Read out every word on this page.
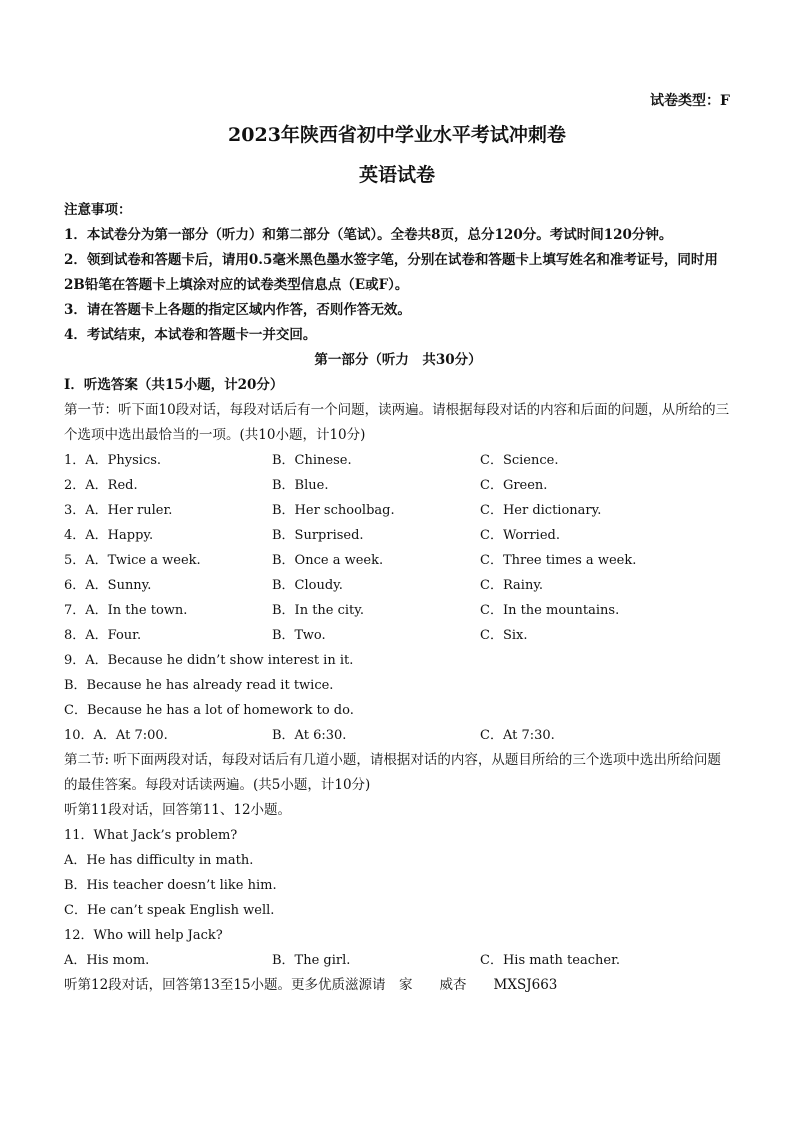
试卷类型：F
2023年陕西省初中学业水平考试冲刺卷
英语试卷
注意事项：
1．本试卷分为第一部分（听力）和第二部分（笔试）。全卷共8页，总分120分。考试时间120分钟。
2．领到试卷和答题卡后，请用0.5毫米黑色墨水签字笔，分别在试卷和答题卡上填写姓名和准考证号，同时用2B铅笔在答题卡上填涂对应的试卷类型信息点（E或F）。
3．请在答题卡上各题的指定区域内作答，否则作答无效。
4．考试结束，本试卷和答题卡一并交回。
第一部分（听力　共30分）
Ⅰ．听选答案（共15小题，计20分）
第一节：听下面10段对话，每段对话后有一个问题，读两遍。请根据每段对话的内容和后面的问题，从所给的三个选项中选出最恰当的一项。(共10小题，计10分)
1．A．Physics.	B．Chinese.	C．Science.
2．A．Red.	B．Blue.	C．Green.
3．A．Her ruler.	B．Her schoolbag.	C．Her dictionary.
4．A．Happy.	B．Surprised.	C．Worried.
5．A．Twice a week.	B．Once a week.	C．Three times a week.
6．A．Sunny.	B．Cloudy.	C．Rainy.
7．A．In the town.	B．In the city.	C．In the mountains.
8．A．Four.	B．Two.	C．Six.
9．A．Because he didn’t show interest in it.
B．Because he has already read it twice.
C．Because he has a lot of homework to do.
10．A．At 7:00.	B．At 6:30.	C．At 7:30.
第二节: 听下面两段对话，每段对话后有几道小题，请根据对话的内容，从题目所给的三个选项中选出所给问题的最佳答案。每段对话读两遍。(共5小题，计10分)
听第11段对话，回答第11、12小题。
11．What Jack’s problem?
A．He has difficulty in math.
B．His teacher doesn’t like him.
C．He can’t speak English well.
12．Who will help Jack?
A．His mom.	B．The girl.	C．His math teacher.
听第12段对话，回答第13至15小题。更多优质滋源请　家　　威杏　　MXSJ663
